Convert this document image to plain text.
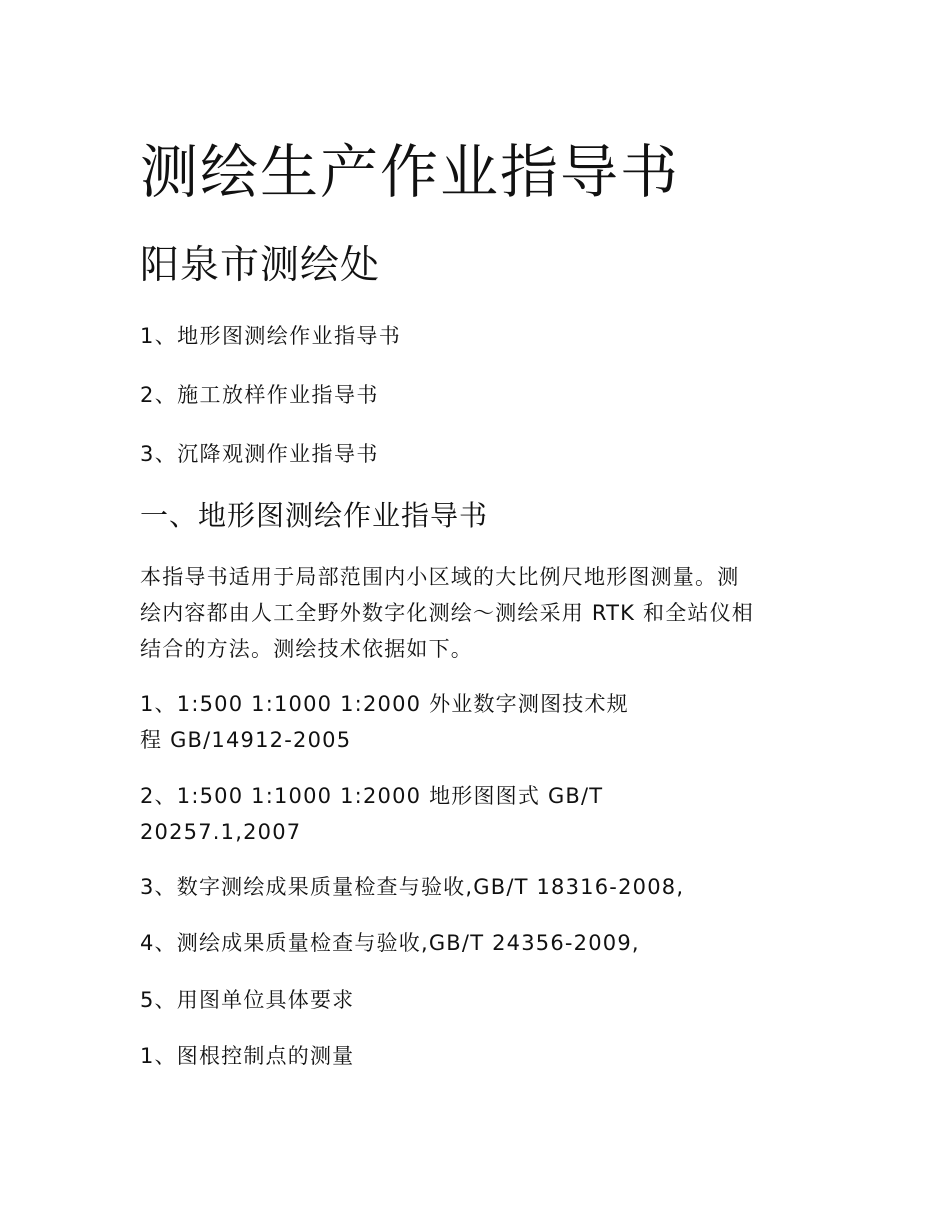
测绘生产作业指导书
阳泉市测绘处

1、地形图测绘作业指导书

2、施工放样作业指导书

3、沉降观测作业指导书

一、地形图测绘作业指导书

本指导书适用于局部范围内小区域的大比例尺地形图测量。测
绘内容都由人工全野外数字化测绘～测绘采用 RTK 和全站仪相
结合的方法。测绘技术依据如下。

1、1:500 1:1000 1:2000 外业数字测图技术规
程 GB/14912-2005

2、1:500 1:1000 1:2000 地形图图式 GB/T
20257.1,2007

3、数字测绘成果质量检查与验收,GB/T 18316-2008,

4、测绘成果质量检查与验收,GB/T 24356-2009,

5、用图单位具体要求

1、图根控制点的测量
